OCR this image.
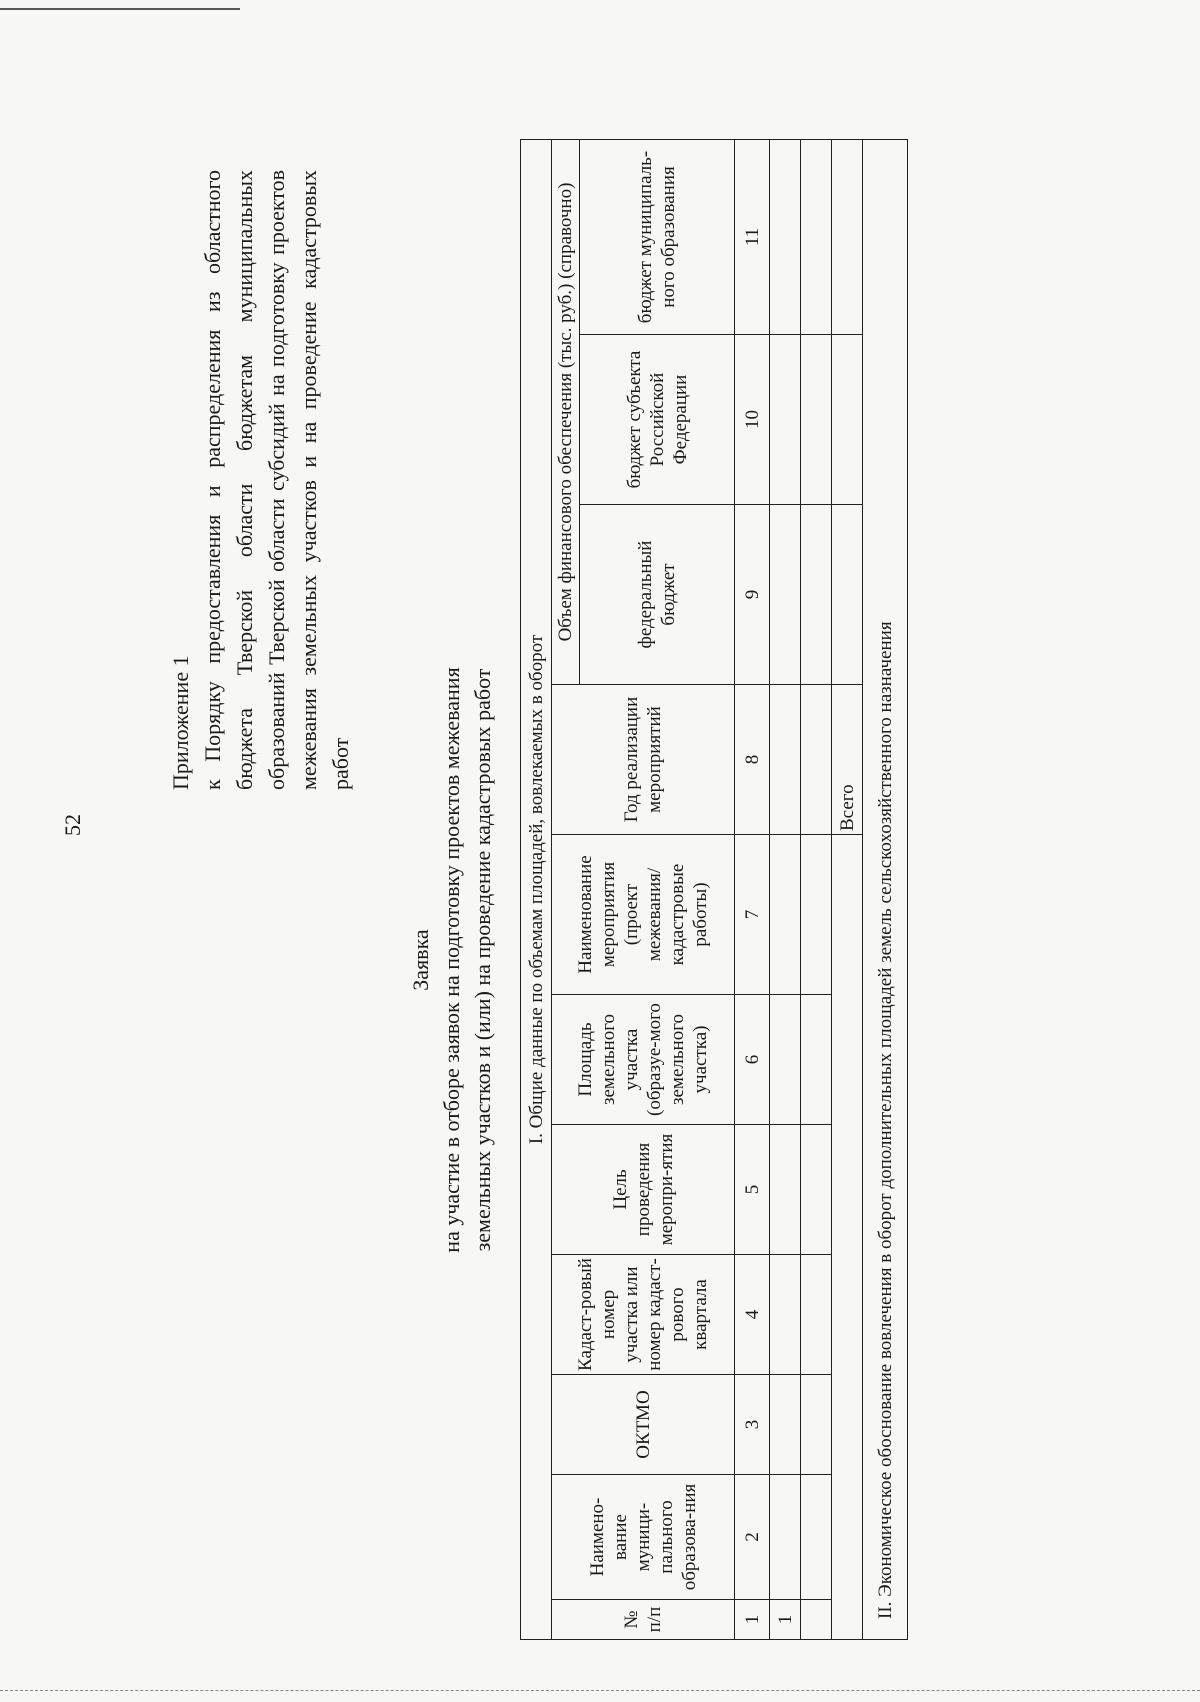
52
Приложение 1 к Порядку предоставления и распределения из областного бюджета Тверской области бюджетам муниципальных образований Тверской области субсидий на подготовку проектов межевания земельных участков и на проведение кадастровых работ
Заявка на участие в отборе заявок на подготовку проектов межевания земельных участков и (или) на проведение кадастровых работ I. Общие данные по объемам площадей, вовлекаемых в оборот										
№ п/п	Наимено-вание муници-пального образова-ния	ОКТМО	Кадаст-ровый номер участка или номер кадаст-рового квартала	Цель проведения меропри-ятия	Площадь земельного участка (образуе-мого земельного участка)	Наименование мероприятия (проект межевания/ кадастровые работы)	Год реализации мероприятий	Объем финансового обеспечения (тыс. руб.) (справочно)		
								федеральный бюджет	бюджет субъекта Российской Федерации	бюджет муниципаль-ного образования
1	2	3	4	5	6	7	8	9	10	11
1										

							Всего			
II. Экономическое обоснование вовлечения в оборот дополнительных площадей земель сельскохозяйственного назначения										
